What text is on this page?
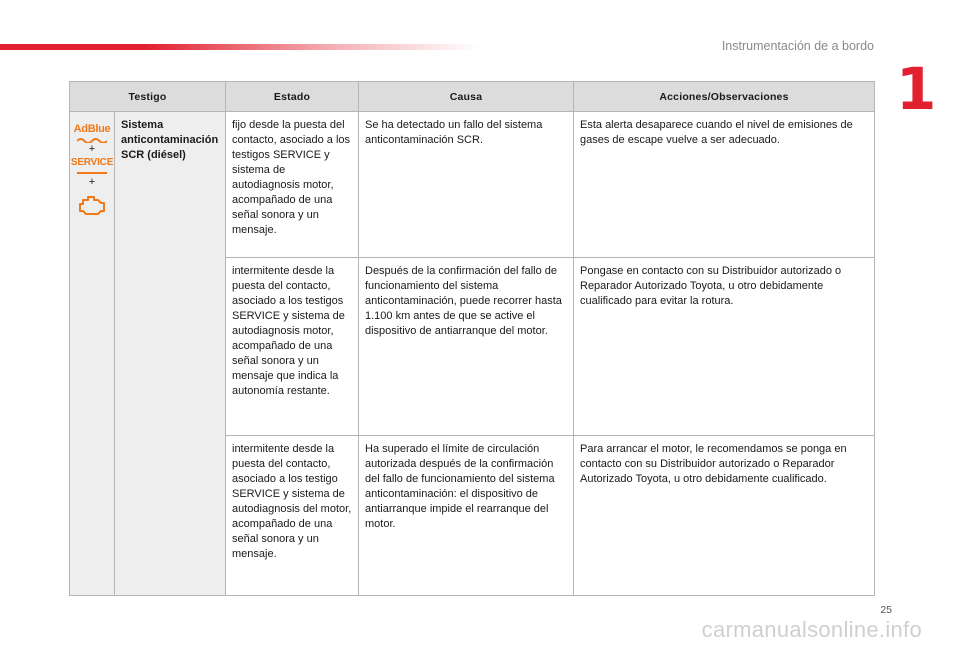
Instrumentación de a bordo
1
Testigo		Estado	Causa	Acciones/Observaciones

AdBlue
+
SERVICE
+	Sistema anticontaminación SCR (diésel)	fijo desde la puesta del contacto, asociado a los testigos SERVICE y sistema de autodiagnosis motor, acompañado de una señal sonora y un mensaje.	Se ha detectado un fallo del sistema anticontaminación SCR.	Esta alerta desaparece cuando el nivel de emisiones de gases de escape vuelve a ser adecuado.
		intermitente desde la puesta del contacto, asociado a los testigos SERVICE y sistema de autodiagnosis motor, acompañado de una señal sonora y un mensaje que indica la autonomía restante.	Después de la confirmación del fallo de funcionamiento del sistema anticontaminación, puede recorrer hasta 1.100 km antes de que se active el dispositivo de antiarranque del motor.	Pongase en contacto con su Distribuidor autorizado o Reparador Autorizado Toyota, u otro debidamente cualificado para evitar la rotura.
		intermitente desde la puesta del contacto, asociado a los testigo SERVICE y sistema de autodiagnosis del motor, acompañado de una señal sonora y un mensaje.	Ha superado el límite de circulación autorizada después de la confirmación del fallo de funcionamiento del sistema anticontaminación: el dispositivo de antiarranque impide el rearranque del motor.	Para arrancar el motor, le recomendamos se ponga en contacto con su Distribuidor autorizado o Reparador Autorizado Toyota, u otro debidamente cualificado.
25
carmanualsonline.info
